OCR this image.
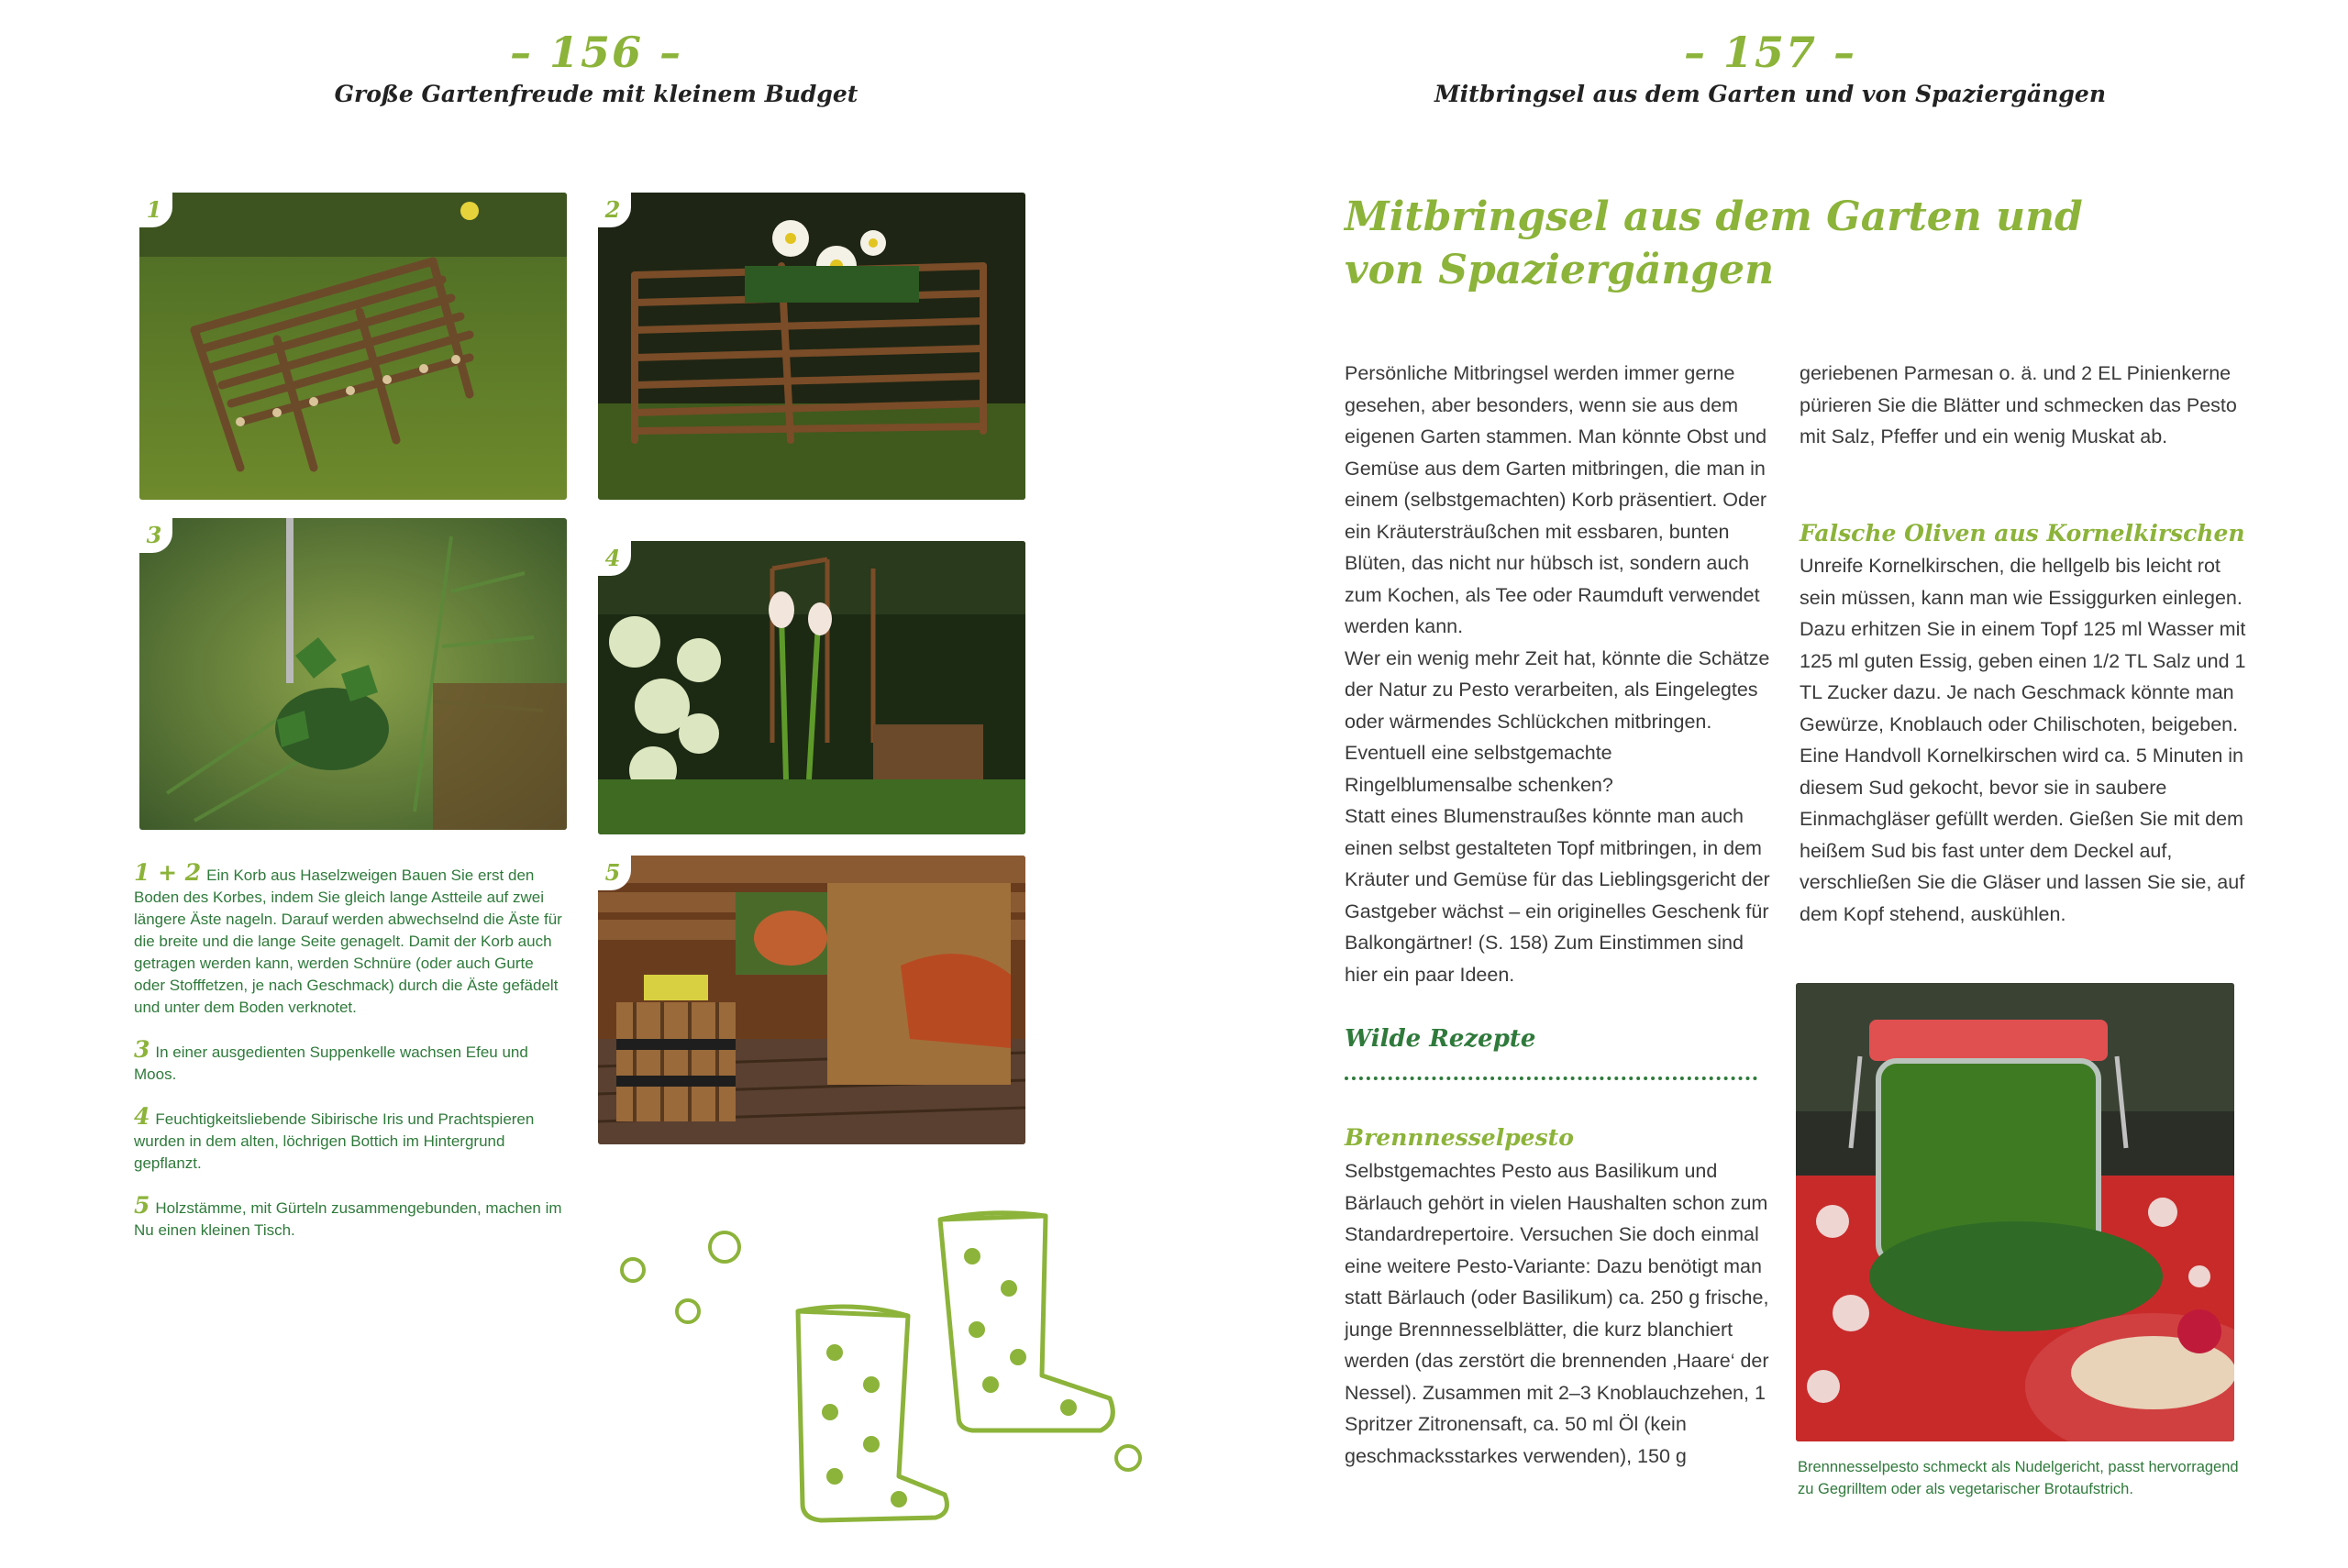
– 156 –
Große Gartenfreude mit kleinem Budget
1	2
3
4
5

1 + 2 Ein Korb aus Haselzweigen Bauen Sie erst den Boden des Korbes, indem Sie gleich lange Astteile auf zwei längere Äste nageln. Darauf werden abwechselnd die Äste für die breite und die lange Seite genagelt. Damit der Korb auch getragen werden kann, werden Schnüre (oder auch Gurte oder Stofffetzen, je nach Geschmack) durch die Äste gefädelt und unter dem Boden verknotet.

3 In einer ausgedienten Suppenkelle wachsen Efeu und Moos.

4 Feuchtigkeitsliebende Sibirische Iris und Prachtspieren wurden in dem alten, löchrigen Bottich im Hintergrund gepflanzt.

5 Holzstämme, mit Gürteln zusammengebunden, machen im Nu einen kleinen Tisch.

– 157 –
Mitbringsel aus dem Garten und von Spaziergängen
Mitbringsel aus dem Garten und von Spaziergängen

Persönliche Mitbringsel werden immer gerne gesehen, aber besonders, wenn sie aus dem eigenen Garten stammen. Man könnte Obst und Gemüse aus dem Garten mitbringen, die man in einem (selbstgemachten) Korb präsentiert. Oder ein Kräutersträußchen mit essbaren, bunten Blüten, das nicht nur hübsch ist, sondern auch zum Kochen, als Tee oder Raumduft verwendet werden kann.

Wer ein wenig mehr Zeit hat, könnte die Schätze der Natur zu Pesto verarbeiten, als Eingelegtes oder wärmendes Schlückchen mitbringen. Eventuell eine selbstgemachte Ringelblumensalbe schenken?

Statt eines Blumenstraußes könnte man auch einen selbst gestalteten Topf mitbringen, in dem Kräuter und Gemüse für das Lieblingsgericht der Gastgeber wächst – ein originelles Geschenk für Balkongärtner! (S. 158) Zum Einstimmen sind hier ein paar Ideen.

Wilde Rezepte
Brennnesselpesto

Selbstgemachtes Pesto aus Basilikum und Bärlauch gehört in vielen Haushalten schon zum Standardrepertoire. Versuchen Sie doch einmal eine weitere Pesto-Variante: Dazu benötigt man statt Bärlauch (oder Basilikum) ca. 250 g frische, junge Brennnesselblätter, die kurz blanchiert werden (das zerstört die brennenden ‚Haare‘ der Nessel). Zusammen mit 2–3 Knoblauchzehen, 1 Spritzer Zitronensaft, ca. 50 ml Öl (kein geschmacksstarkes verwenden), 150 g

geriebenen Parmesan o. ä. und 2 EL Pinienkerne pürieren Sie die Blätter und schmecken das Pesto mit Salz, Pfeffer und ein wenig Muskat ab.

Falsche Oliven aus Kornelkirschen

Unreife Kornelkirschen, die hellgelb bis leicht rot sein müssen, kann man wie Essiggurken einlegen. Dazu erhitzen Sie in einem Topf 125 ml Wasser mit 125 ml guten Essig, geben einen 1/2 TL Salz und 1 TL Zucker dazu. Je nach Geschmack könnte man Gewürze, Knoblauch oder Chilischoten, beigeben. Eine Handvoll Kornelkirschen wird ca. 5 Minuten in diesem Sud gekocht, bevor sie in saubere Einmachgläser gefüllt werden. Gießen Sie mit dem heißem Sud bis fast unter dem Deckel auf, verschließen Sie die Gläser und lassen Sie sie, auf dem Kopf stehend, auskühlen.

Brennnesselpesto schmeckt als Nudelgericht, passt hervorragend zu Gegrilltem oder als vegetarischer Brotaufstrich.
